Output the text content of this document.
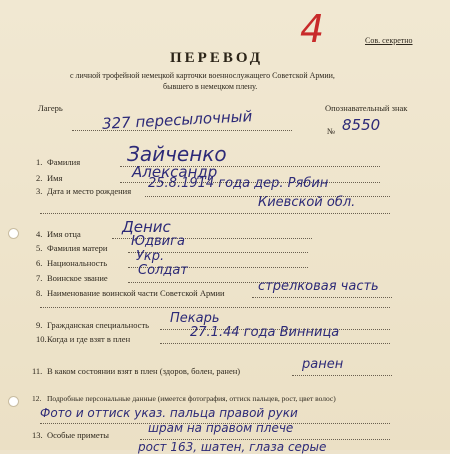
4	Сов. секретно
ПЕРЕВОД
с личной трофейной немецкой карточки военнослужащего Советской Армии,
бывшего в немецком плену.
Лагерь	Опознавательный знак
327 пересылочный	№ 8550
1. Фамилия Зайченко
2. Имя	Александр
3. Дата и место рождения 25.8.1914 года дер. Рябин
Киевской обл.
4. Имя отца	Денис
5. Фамилия матери Юдвига
6. Национальность Укр.
7. Воинское звание Солдат
8. Наименование воинской части Советской Армии	стрелковая часть
9. Гражданская специальность Пекарь
10. Когда и где взят в плен	27.1.44 года Винница
11. В каком состоянии взят в плен (здоров, болен, ранен)	ранен
12. Подробные персональные данные (имеется фотография, оттиск пальцев, рост, цвет волос)
Фото и оттиск указ. пальца правой руки
13. Особые приметы	шрам на правом плече
рост 163, шатен, глаза серые
